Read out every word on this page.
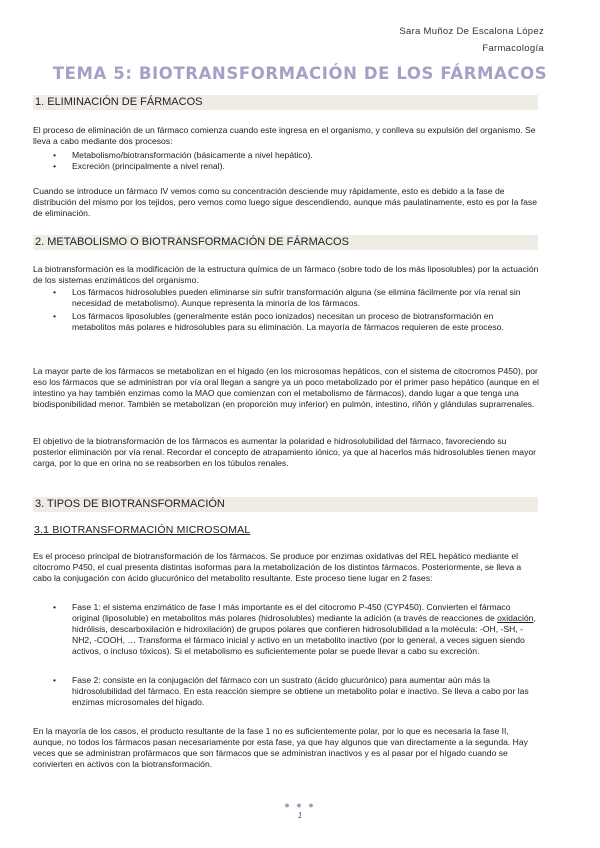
Sara Muñoz De Escalona López
Farmacología
TEMA 5: BIOTRANSFORMACIÓN DE LOS FÁRMACOS
1. ELIMINACIÓN DE FÁRMACOS
El proceso de eliminación de un fármaco comienza cuando este ingresa en el organismo, y conlleva su expulsión del organismo. Se lleva a cabo mediante dos procesos:
• Metabolismo/biotransformación (básicamente a nivel hepático).
• Excreción (principalmente a nivel renal).
Cuando se introduce un fármaco IV vemos como su concentración desciende muy rápidamente, esto es debido a la fase de distribución del mismo por los tejidos, pero vemos como luego sigue descendiendo, aunque más paulatinamente, esto es por la fase de eliminación.
2. METABOLISMO O BIOTRANSFORMACIÓN DE FÁRMACOS
La biotransformación es la modificación de la estructura química de un fármaco (sobre todo de los más liposolubles) por la actuación de los sistemas enzimáticos del organismo.
• Los fármacos hidrosolubles pueden eliminarse sin sufrir transformación alguna (se elimina fácilmente por vía renal sin necesidad de metabolismo). Aunque representa la minoría de los fármacos.
• Los fármacos liposolubles (generalmente están poco ionizados) necesitan un proceso de biotransformación en metabolitos más polares e hidrosolubles para su eliminación. La mayoría de fármacos requieren de este proceso.
La mayor parte de los fármacos se metabolizan en el hígado (en los microsomas hepáticos, con el sistema de citocromos P450), por eso los fármacos que se administran por vía oral llegan a sangre ya un poco metabolizado por el primer paso hepático (aunque en el intestino ya hay también enzimas como la MAO que comienzan con el metabolismo de fármacos), dando lugar a que tenga una biodisponibilidad menor. También se metabolizan (en proporción muy inferior) en pulmón, intestino, riñón y glándulas suprarrenales.
El objetivo de la biotransformación de los fármacos es aumentar la polaridad e hidrosolubilidad del fármaco, favoreciendo su posterior eliminación por vía renal. Recordar el concepto de atrapamiento iónico, ya que al hacerlos más hidrosolubles tienen mayor carga, por lo que en orina no se reabsorben en los túbulos renales.
3. TIPOS DE BIOTRANSFORMACIÓN
3.1 BIOTRANSFORMACIÓN MICROSOMAL
Es el proceso principal de biotransformación de los fármacos. Se produce por enzimas oxidativas del REL hepático mediante el citocromo P450, el cual presenta distintas isoformas para la metabolización de los distintos fármacos. Posteriormente, se lleva a cabo la conjugación con ácido glucurónico del metabolito resultante. Este proceso tiene lugar en 2 fases:
• Fase 1: el sistema enzimático de fase I más importante es el del citocromo P-450 (CYP450). Convierten el fármaco original (liposoluble) en metabolitos más polares (hidrosolubles) mediante la adición (a través de reacciones de oxidación, hidrólisis, descarboxilación e hidroxilación) de grupos polares que confieren hidrosolubilidad a la molécula: -OH, -SH, -NH2, -COOH, … Transforma el fármaco inicial y activo en un metabolito inactivo (por lo general, a veces siguen siendo activos, o incluso tóxicos). Si el metabolismo es suficientemente polar se puede llevar a cabo su excreción.
• Fase 2: consiste en la conjugación del fármaco con un sustrato (ácido glucurónico) para aumentar aún más la hidrosolubilidad del fármaco. En esta reacción siempre se obtiene un metabolito polar e inactivo. Se lleva a cabo por las enzimas microsomales del hígado.
En la mayoría de los casos, el producto resultante de la fase 1 no es suficientemente polar, por lo que es necesaria la fase II, aunque, no todos los fármacos pasan necesariamente por esta fase, ya que hay algunos que van directamente a la segunda. Hay veces que se administran profármacos que son fármacos que se administran inactivos y es al pasar por el hígado cuando se convierten en activos con la biotransformación.
● ● ●
1
